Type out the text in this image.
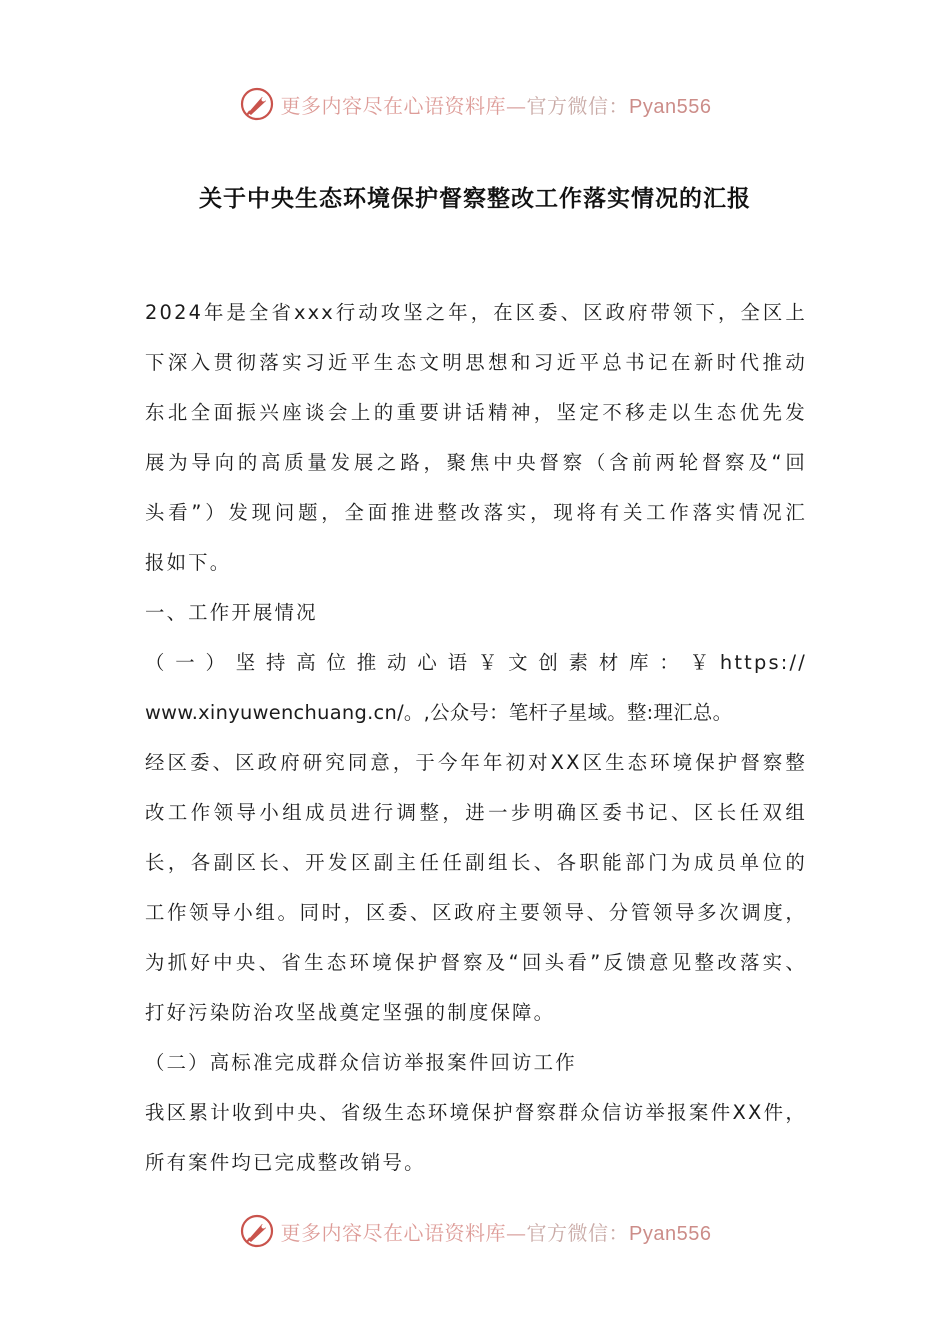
更多内容尽在心语资料库—官方微信：Pyan556
关于中央生态环境保护督察整改工作落实情况的汇报

2024年是全省xxx行动攻坚之年，在区委、区政府带领下，全区上

下深入贯彻落实习近平生态文明思想和习近平总书记在新时代推动

东北全面振兴座谈会上的重要讲话精神，坚定不移走以生态优先发

展为导向的高质量发展之路，聚焦中央督察（含前两轮督察及“回

头看”）发现问题，全面推进整改落实，现将有关工作落实情况汇

报如下。

一、工作开展情况

（一）坚持高位推动心语￥文创素材库：￥https://

www.xinyuwenchuang.cn/。,公众号：笔杆子星域。整:理汇总。

经区委、区政府研究同意，于今年年初对XX区生态环境保护督察整

改工作领导小组成员进行调整，进一步明确区委书记、区长任双组

长，各副区长、开发区副主任任副组长、各职能部门为成员单位的

工作领导小组。同时，区委、区政府主要领导、分管领导多次调度，

为抓好中央、省生态环境保护督察及“回头看”反馈意见整改落实、

打好污染防治攻坚战奠定坚强的制度保障。

（二）高标准完成群众信访举报案件回访工作

我区累计收到中央、省级生态环境保护督察群众信访举报案件XX件，

所有案件均已完成整改销号。

更多内容尽在心语资料库—官方微信：Pyan556
